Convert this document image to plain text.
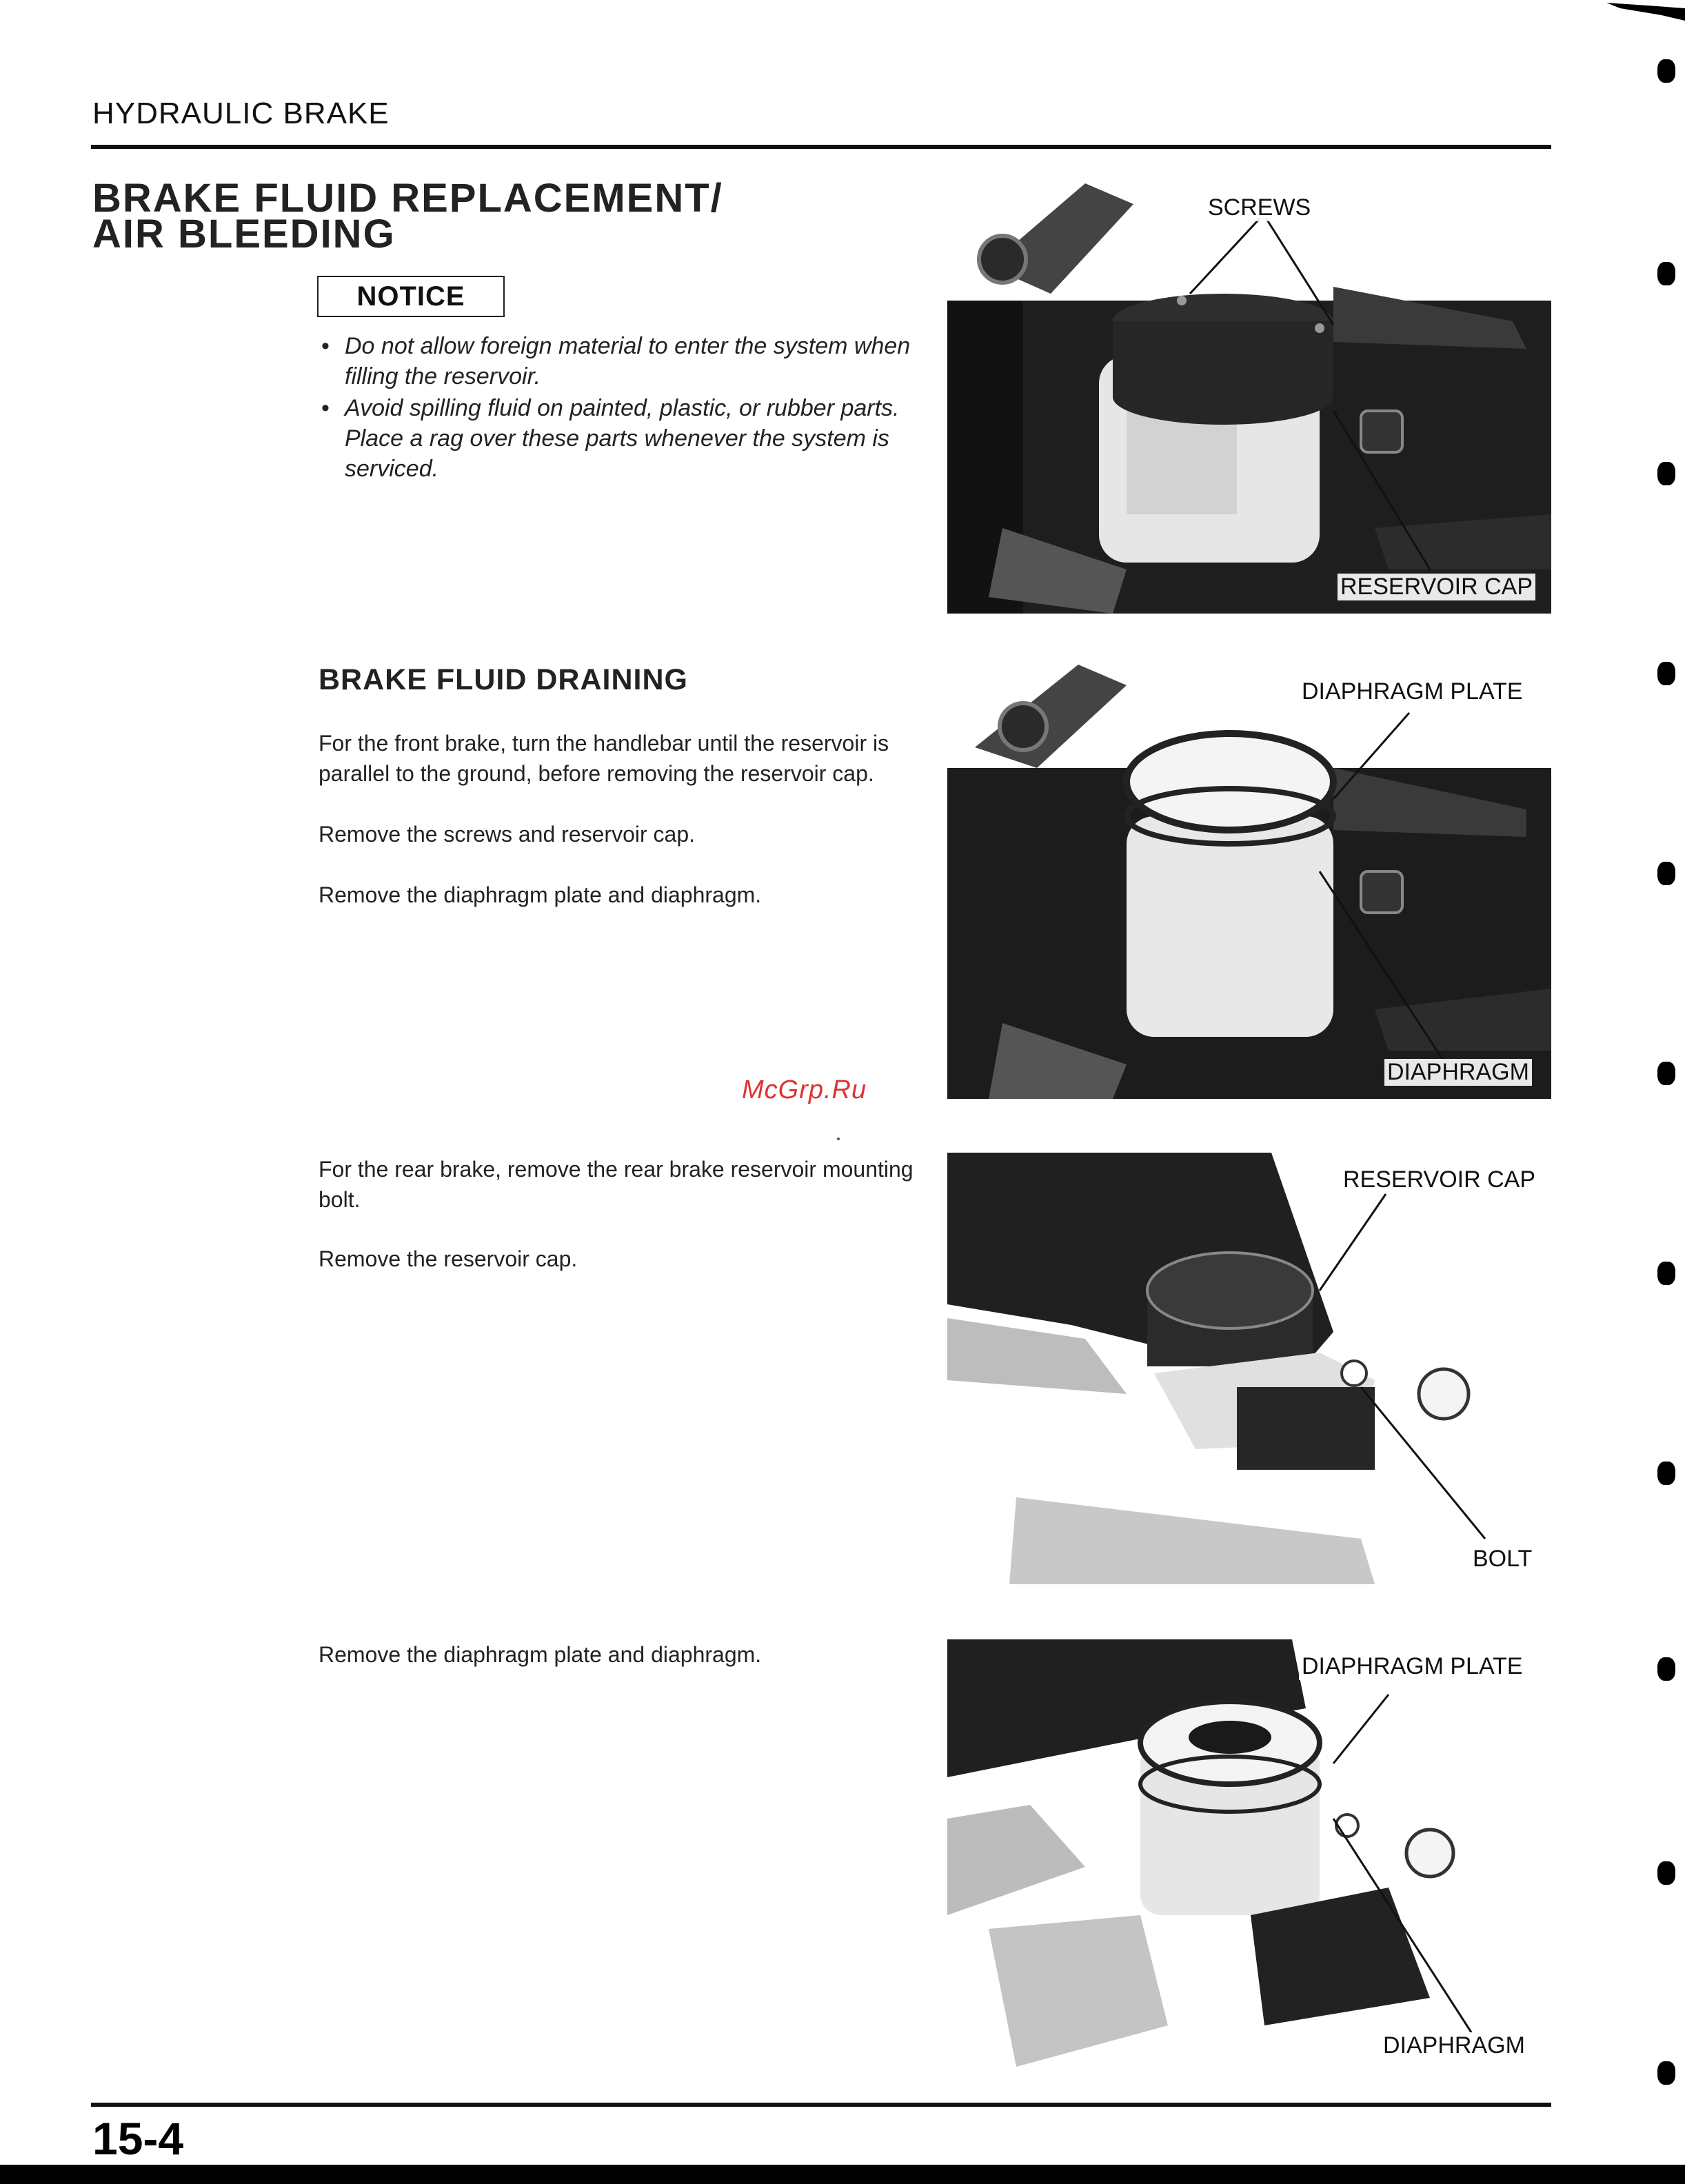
HYDRAULIC BRAKE
BRAKE FLUID REPLACEMENT/
AIR BLEEDING
NOTICE
• Do not allow foreign material to enter the system when filling the reservoir.
• Avoid spilling fluid on painted, plastic, or rubber parts. Place a rag over these parts whenever the system is serviced.
BRAKE FLUID DRAINING
For the front brake, turn the handlebar until the reservoir is parallel to the ground, before removing the reservoir cap.
Remove the screws and reservoir cap.
Remove the diaphragm plate and diaphragm.
McGrp.Ru
For the rear brake, remove the rear brake reservoir mounting bolt.
Remove the reservoir cap.
Remove the diaphragm plate and diaphragm.
SCREWS
RESERVOIR CAP
DIAPHRAGM PLATE
DIAPHRAGM
RESERVOIR CAP
BOLT
DIAPHRAGM PLATE
DIAPHRAGM
15-4
